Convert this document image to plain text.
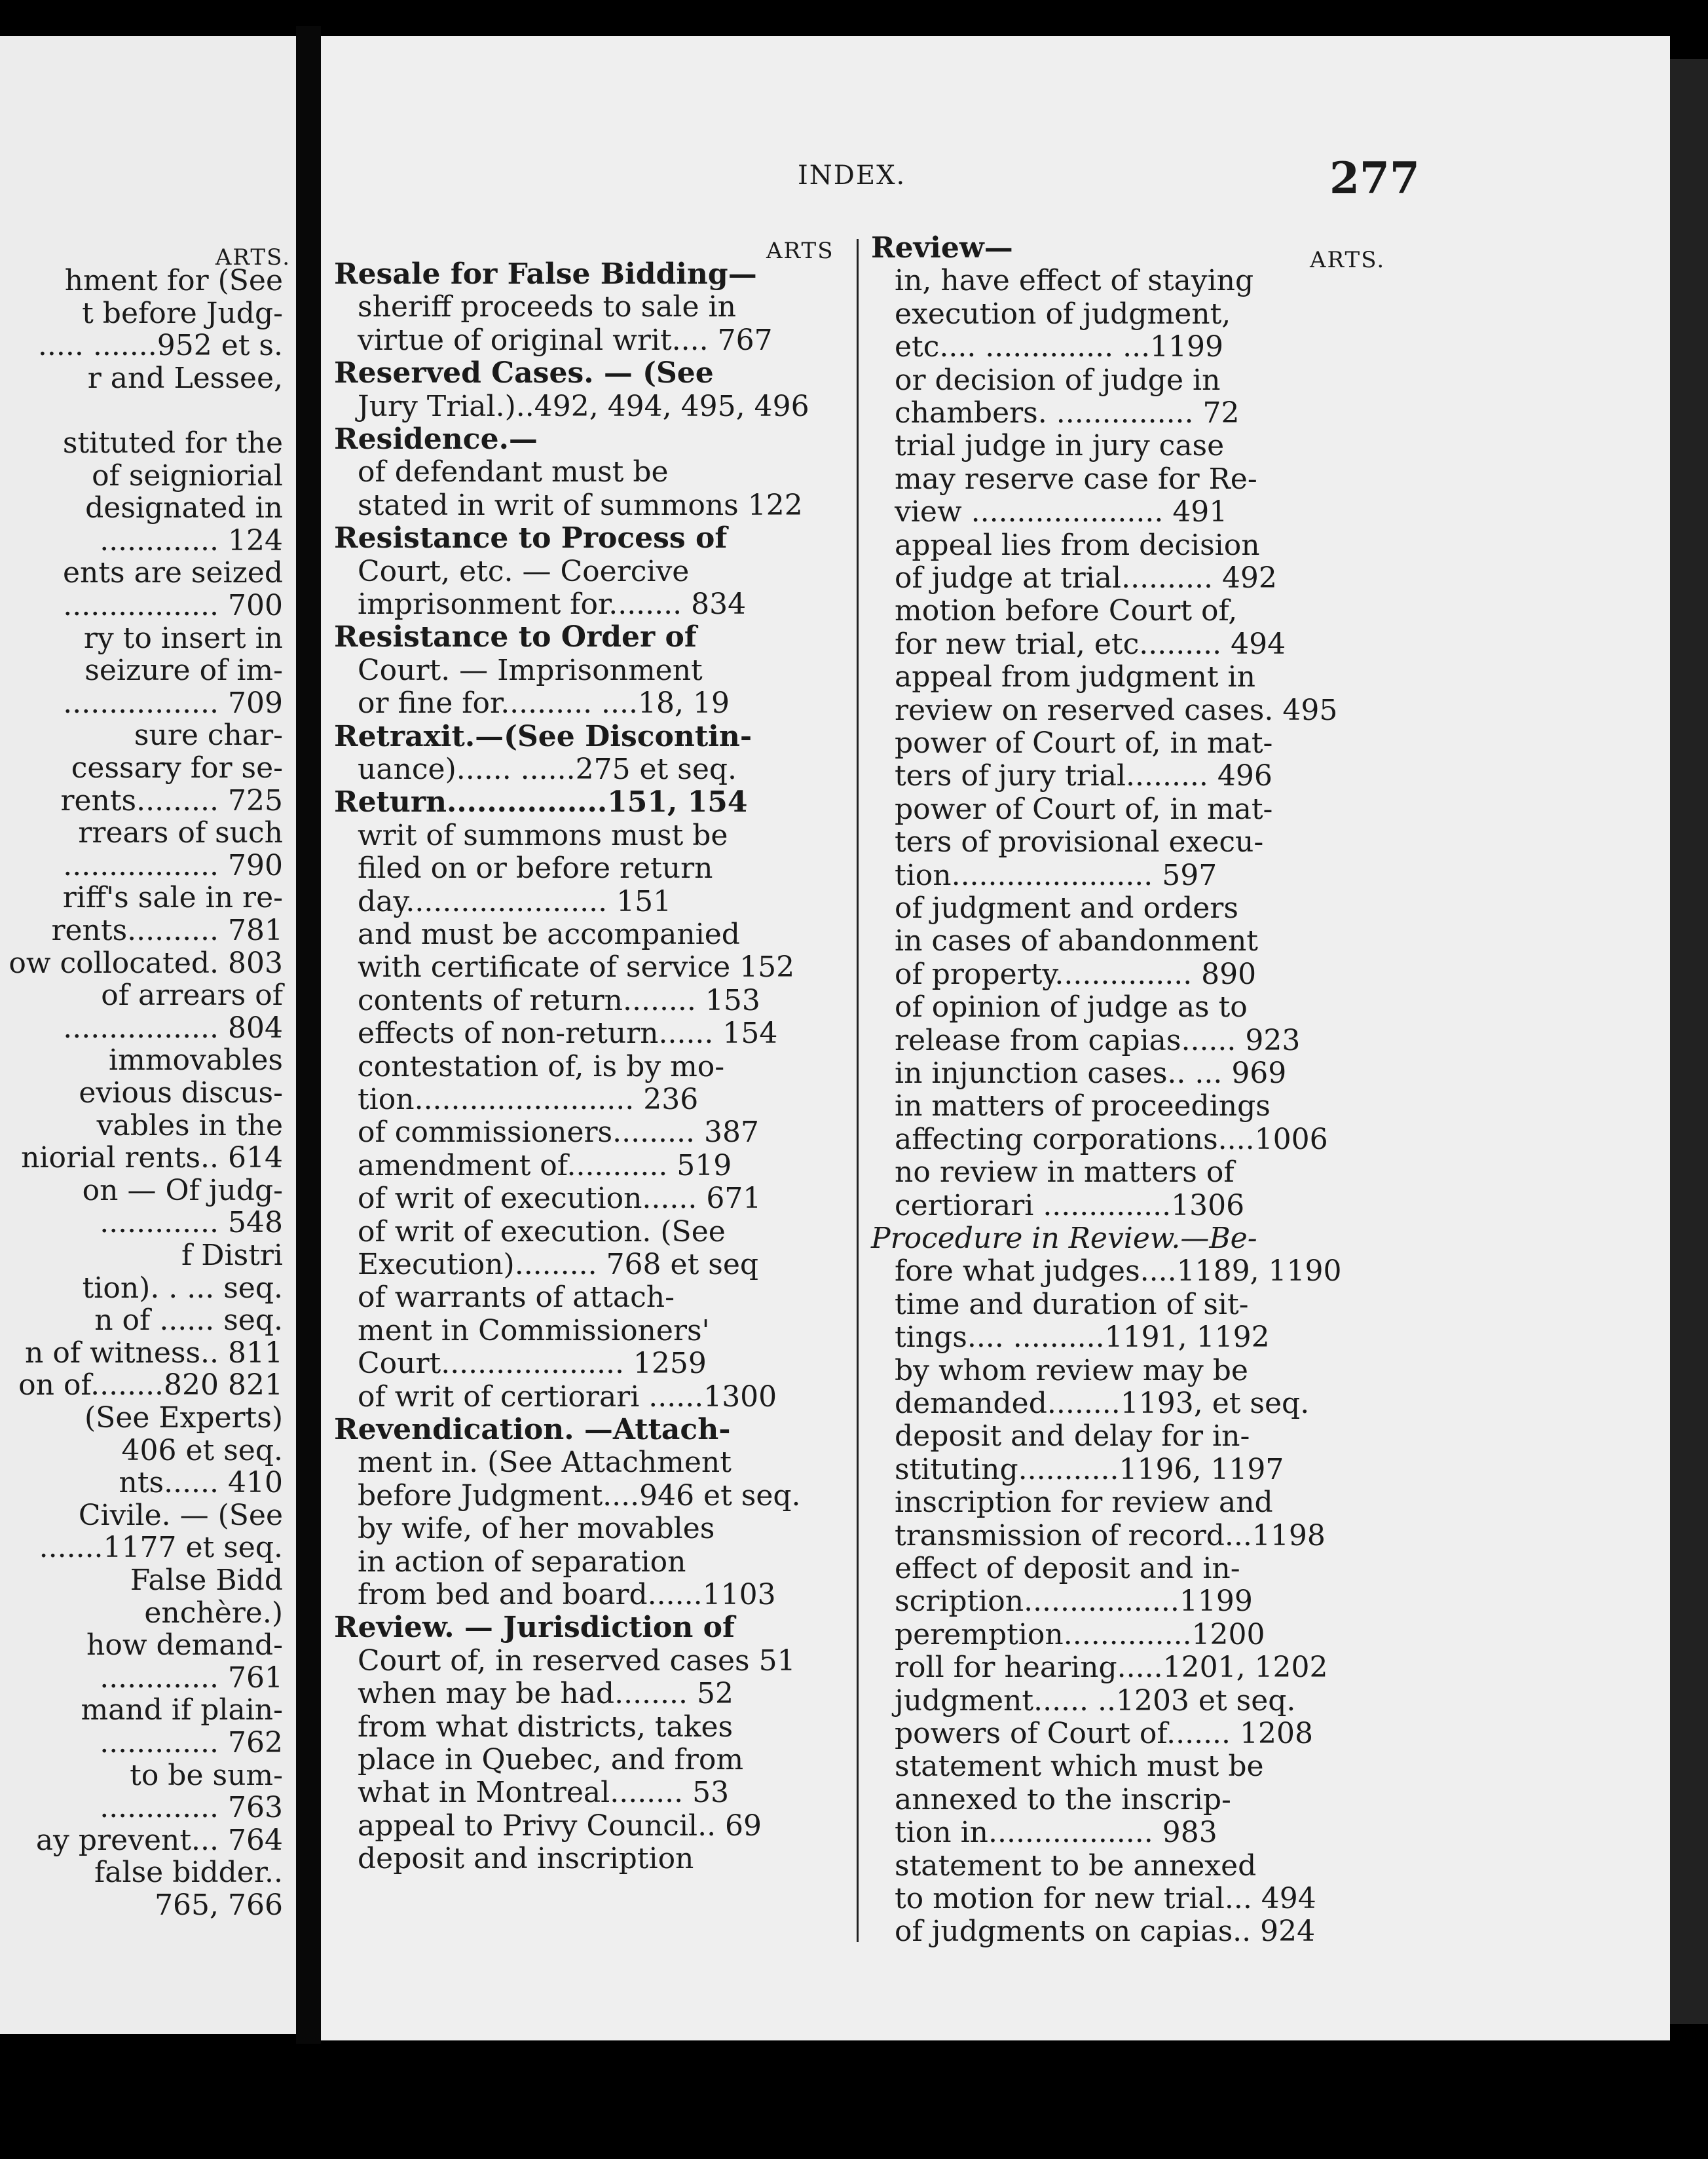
ARTS.
hment for (See
t before Judg-
..... .......952 et s.
r and Lessee,
stituted for the
of seigniorial
designated in
............. 124
ents are seized
................. 700
ry to insert in
seizure of im-
................. 709
sure char-
cessary for se-
rents......... 725
rrears of such
................. 790
riff's sale in re-
rents.......... 781
ow collocated. 803
of arrears of
................. 804
immovables
evious discus-
vables in the
niorial rents.. 614
on — Of judg-
............. 548
f Distri
tion). . ... seq.
n of ...... seq.
n of witness.. 811
on of........820 821
(See Experts)
406 et seq.
nts...... 410
Civile. — (See
.......1177 et seq.
False Bidd
enchère.)
how demand-
............. 761
mand if plain-
............. 762
to be sum-
............. 763
ay prevent... 764
false bidder..
765, 766
INDEX.	277
ARTS	ARTS.
Resale for False Bidding—
sheriff proceeds to sale in
virtue of original writ.... 767
Reserved Cases. — (See
Jury Trial.)..492, 494, 495, 496
Residence.—
of defendant must be
stated in writ of summons 122
Resistance to Process of
Court, etc. — Coercive
imprisonment for........ 834
Resistance to Order of
Court. — Imprisonment
or fine for.......... ....18, 19
Retraxit.—(See Discontin-
uance)...... ......275 et seq.
Return................151, 154
writ of summons must be
filed on or before return
day...................... 151
and must be accompanied
with certificate of service 152
contents of return........ 153
effects of non-return...... 154
contestation of, is by mo-
tion........................ 236
of commissioners......... 387
amendment of........... 519
of writ of execution...... 671
of writ of execution. (See
Execution)......... 768 et seq
of warrants of attach-
ment in Commissioners'
Court.................... 1259
of writ of certiorari ......1300
Revendication. —Attach-
ment in. (See Attachment
before Judgment....946 et seq.
by wife, of her movables
in action of separation
from bed and board......1103
Review. — Jurisdiction of
Court of, in reserved cases 51
when may be had........ 52
from what districts, takes
place in Quebec, and from
what in Montreal........ 53
appeal to Privy Council.. 69
deposit and inscription
Review—
in, have effect of staying
execution of judgment,
etc.... .............. ...1199
or decision of judge in
chambers. ............... 72
trial judge in jury case
may reserve case for Re-
view ..................... 491
appeal lies from decision
of judge at trial.......... 492
motion before Court of,
for new trial, etc......... 494
appeal from judgment in
review on reserved cases. 495
power of Court of, in mat-
ters of jury trial......... 496
power of Court of, in mat-
ters of provisional execu-
tion...................... 597
of judgment and orders
in cases of abandonment
of property............... 890
of opinion of judge as to
release from capias...... 923
in injunction cases.. ... 969
in matters of proceedings
affecting corporations....1006
no review in matters of
certiorari ..............1306
Procedure in Review.—Be-
fore what judges....1189, 1190
time and duration of sit-
tings.... ..........1191, 1192
by whom review may be
demanded........1193, et seq.
deposit and delay for in-
stituting...........1196, 1197
inscription for review and
transmission of record...1198
effect of deposit and in-
scription.................1199
peremption..............1200
roll for hearing.....1201, 1202
judgment...... ..1203 et seq.
powers of Court of....... 1208
statement which must be
annexed to the inscrip-
tion in.................. 983
statement to be annexed
to motion for new trial... 494
of judgments on capias.. 924
